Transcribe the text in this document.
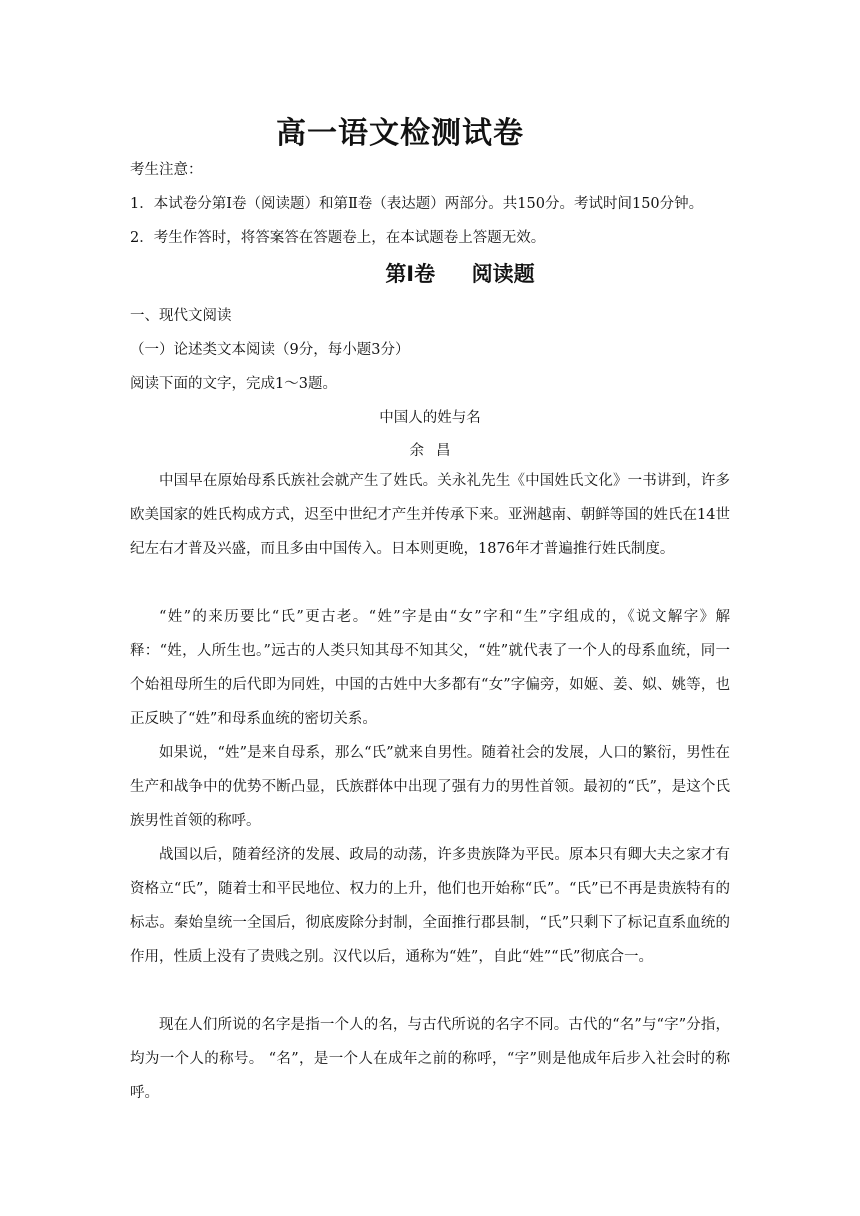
高一语文检测试卷
考生注意：
1．本试卷分第Ⅰ卷（阅读题）和第Ⅱ卷（表达题）两部分。共150分。考试时间150分钟。
2．考生作答时，将答案答在答题卷上，在本试题卷上答题无效。
第Ⅰ卷     阅读题
一、现代文阅读
（一）论述类文本阅读（9分，每小题3分）
阅读下面的文字，完成1～3题。
中国人的姓与名
余昌

中国早在原始母系氏族社会就产生了姓氏。关永礼先生《中国姓氏文化》一书讲到，许多欧美国家的姓氏构成方式，迟至中世纪才产生并传承下来。亚洲越南、朝鲜等国的姓氏在14世纪左右才普及兴盛，而且多由中国传入。日本则更晚，1876年才普遍推行姓氏制度。

“姓”的来历要比“氏”更古老。“姓”字是由“女”字和“生”字组成的，《说文解字》解释：“姓，人所生也。”远古的人类只知其母不知其父，“姓”就代表了一个人的母系血统，同一个始祖母所生的后代即为同姓，中国的古姓中大多都有“女”字偏旁，如姬、姜、姒、姚等，也正反映了“姓”和母系血统的密切关系。

如果说，“姓”是来自母系，那么“氏”就来自男性。随着社会的发展，人口的繁衍，男性在生产和战争中的优势不断凸显，氏族群体中出现了强有力的男性首领。最初的“氏”，是这个氏族男性首领的称呼。

战国以后，随着经济的发展、政局的动荡，许多贵族降为平民。原本只有卿大夫之家才有资格立“氏”，随着士和平民地位、权力的上升，他们也开始称“氏”。“氏”已不再是贵族特有的标志。秦始皇统一全国后，彻底废除分封制，全面推行郡县制，“氏”只剩下了标记直系血统的作用，性质上没有了贵贱之别。汉代以后，通称为“姓”，自此“姓”“氏”彻底合一。

现在人们所说的名字是指一个人的名，与古代所说的名字不同。古代的“名”与“字”分指，均为一个人的称号。 “名”，是一个人在成年之前的称呼，“字”则是他成年后步入社会时的称呼。
